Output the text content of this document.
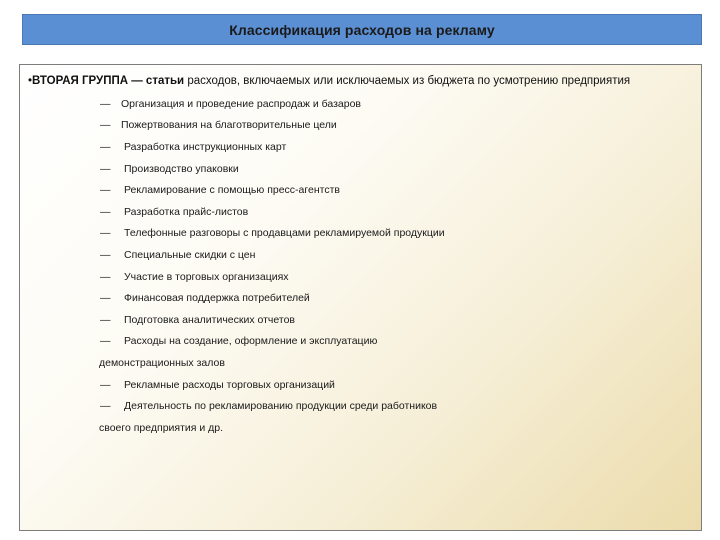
Классификация расходов на рекламу
•ВТОРАЯ ГРУППА — статьи расходов, включаемых или исключаемых из бюджета по усмотрению предприятия
—	Организация и проведение распродаж и базаров
—	Пожертвования на благотворительные цели
—	Разработка инструкционных карт
—	Производство упаковки
—	Рекламирование с помощью пресс-агентств
—	Разработка прайс-листов
—	Телефонные разговоры с продавцами рекламируемой продукции
—	Специальные скидки с цен
—	Участие в торговых организациях
—	Финансовая поддержка потребителей
—	Подготовка аналитических отчетов
—	Расходы на создание, оформление и эксплуатацию
демонстрационных залов
—	Рекламные расходы торговых организаций
—	Деятельность по рекламированию продукции среди работников
своего предприятия и др.
